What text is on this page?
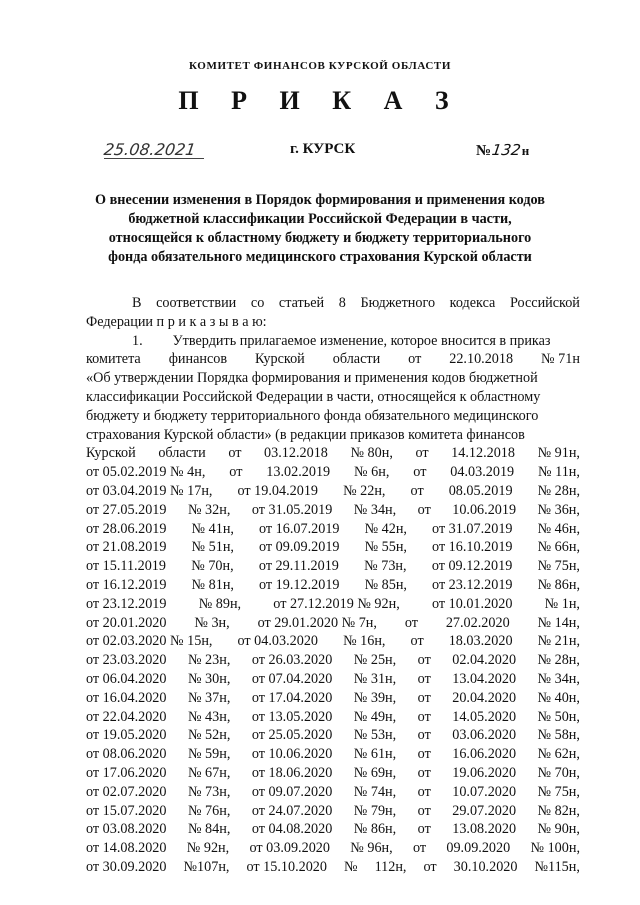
КОМИТЕТ ФИНАНСОВ КУРСКОЙ ОБЛАСТИ
П Р И К А З
25.08.2021	г. КУРСК	№132н
О внесении изменения в Порядок формирования и применения кодов
бюджетной классификации Российской Федерации в части,
относящейся к областному бюджету и бюджету территориального
фонда обязательного медицинского страхования Курской области
В соответствии со статьей 8 Бюджетного кодекса Российской
Федерации п р и к а з ы в а ю:
1. Утвердить прилагаемое изменение, которое вносится в приказ
комитета финансов Курской области от 22.10.2018 № 71н
«Об утверждении Порядка формирования и применения кодов бюджетной
классификации Российской Федерации в части, относящейся к областному
бюджету и бюджету территориального фонда обязательного медицинского
страхования Курской области» (в редакции приказов комитета финансов
Курской области от 03.12.2018 № 80н, от 14.12.2018 № 91н,
от 05.02.2019 № 4н, от 13.02.2019 № 6н, от 04.03.2019 № 11н,
от 03.04.2019 № 17н, от 19.04.2019 № 22н, от 08.05.2019 № 28н,
от 27.05.2019 № 32н, от 31.05.2019 № 34н, от 10.06.2019 № 36н,
от 28.06.2019 № 41н, от 16.07.2019 № 42н, от 31.07.2019 № 46н,
от 21.08.2019 № 51н, от 09.09.2019 № 55н, от 16.10.2019 № 66н,
от 15.11.2019 № 70н, от 29.11.2019 № 73н, от 09.12.2019 № 75н,
от 16.12.2019 № 81н, от 19.12.2019 № 85н, от 23.12.2019 № 86н,
от 23.12.2019 № 89н, от 27.12.2019 № 92н, от 10.01.2020 № 1н,
от 20.01.2020 № 3н, от 29.01.2020 № 7н, от 27.02.2020 № 14н,
от 02.03.2020 № 15н, от 04.03.2020 № 16н, от 18.03.2020 № 21н,
от 23.03.2020 № 23н, от 26.03.2020 № 25н, от 02.04.2020 № 28н,
от 06.04.2020 № 30н, от 07.04.2020 № 31н, от 13.04.2020 № 34н,
от 16.04.2020 № 37н, от 17.04.2020 № 39н, от 20.04.2020 № 40н,
от 22.04.2020 № 43н, от 13.05.2020 № 49н, от 14.05.2020 № 50н,
от 19.05.2020 № 52н, от 25.05.2020 № 53н, от 03.06.2020 № 58н,
от 08.06.2020 № 59н, от 10.06.2020 № 61н, от 16.06.2020 № 62н,
от 17.06.2020 № 67н, от 18.06.2020 № 69н, от 19.06.2020 № 70н,
от 02.07.2020 № 73н, от 09.07.2020 № 74н, от 10.07.2020 № 75н,
от 15.07.2020 № 76н, от 24.07.2020 № 79н, от 29.07.2020 № 82н,
от 03.08.2020 № 84н, от 04.08.2020 № 86н, от 13.08.2020 № 90н,
от 14.08.2020 № 92н, от 03.09.2020 № 96н, от 09.09.2020 № 100н,
от 30.09.2020 №107н, от 15.10.2020 № 112н, от 30.10.2020 №115н,
